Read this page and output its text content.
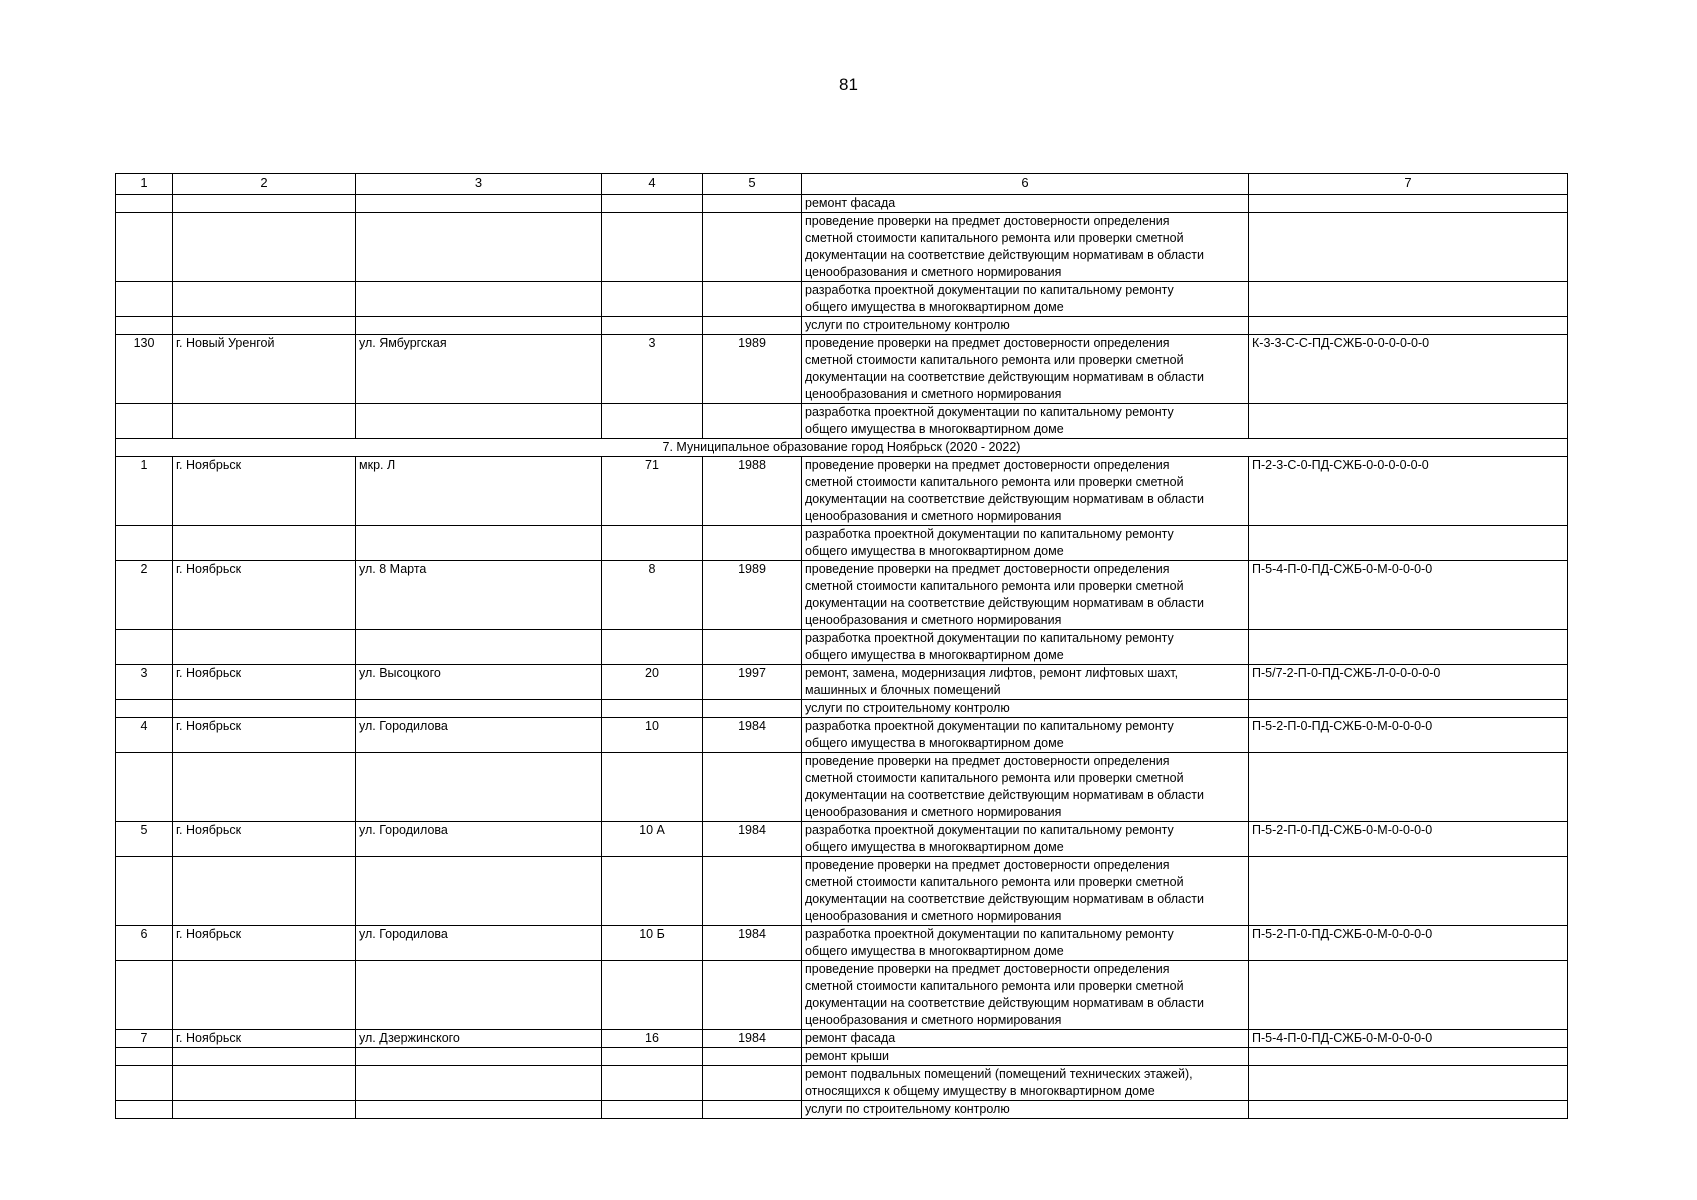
81
1	2	3	4	5	6	7
					ремонт фасада	
					проведение проверки на предмет достоверности определения
сметной стоимости капитального ремонта или проверки сметной
документации на соответствие действующим нормативам в области
ценообразования и сметного нормирования	
					разработка проектной документации по капитальному ремонту
общего имущества в многоквартирном доме	
					услуги по строительному контролю	
130	г. Новый Уренгой	ул. Ямбургская	3	1989	проведение проверки на предмет достоверности определения
сметной стоимости капитального ремонта или проверки сметной
документации на соответствие действующим нормативам в области
ценообразования и сметного нормирования	К-3-3-С-С-ПД-СЖБ-0-0-0-0-0-0
					разработка проектной документации по капитальному ремонту
общего имущества в многоквартирном доме	
7. Муниципальное образование город Ноябрьск (2020 - 2022)						
1	г. Ноябрьск	мкр. Л	71	1988	проведение проверки на предмет достоверности определения
сметной стоимости капитального ремонта или проверки сметной
документации на соответствие действующим нормативам в области
ценообразования и сметного нормирования	П-2-3-С-0-ПД-СЖБ-0-0-0-0-0-0
					разработка проектной документации по капитальному ремонту
общего имущества в многоквартирном доме	
2	г. Ноябрьск	ул. 8 Марта	8	1989	проведение проверки на предмет достоверности определения
сметной стоимости капитального ремонта или проверки сметной
документации на соответствие действующим нормативам в области
ценообразования и сметного нормирования	П-5-4-П-0-ПД-СЖБ-0-М-0-0-0-0
					разработка проектной документации по капитальному ремонту
общего имущества в многоквартирном доме	
3	г. Ноябрьск	ул. Высоцкого	20	1997	ремонт, замена, модернизация лифтов, ремонт лифтовых шахт,
машинных и блочных помещений	П-5/7-2-П-0-ПД-СЖБ-Л-0-0-0-0-0
					услуги по строительному контролю	
4	г. Ноябрьск	ул. Городилова	10	1984	разработка проектной документации по капитальному ремонту
общего имущества в многоквартирном доме	П-5-2-П-0-ПД-СЖБ-0-М-0-0-0-0
					проведение проверки на предмет достоверности определения
сметной стоимости капитального ремонта или проверки сметной
документации на соответствие действующим нормативам в области
ценообразования и сметного нормирования	
5	г. Ноябрьск	ул. Городилова	10 А	1984	разработка проектной документации по капитальному ремонту
общего имущества в многоквартирном доме	П-5-2-П-0-ПД-СЖБ-0-М-0-0-0-0
					проведение проверки на предмет достоверности определения
сметной стоимости капитального ремонта или проверки сметной
документации на соответствие действующим нормативам в области
ценообразования и сметного нормирования	
6	г. Ноябрьск	ул. Городилова	10 Б	1984	разработка проектной документации по капитальному ремонту
общего имущества в многоквартирном доме	П-5-2-П-0-ПД-СЖБ-0-М-0-0-0-0
					проведение проверки на предмет достоверности определения
сметной стоимости капитального ремонта или проверки сметной
документации на соответствие действующим нормативам в области
ценообразования и сметного нормирования	
7	г. Ноябрьск	ул. Дзержинского	16	1984	ремонт фасада	П-5-4-П-0-ПД-СЖБ-0-М-0-0-0-0
					ремонт крыши	
					ремонт подвальных помещений (помещений технических этажей),
относящихся к общему имуществу в многоквартирном доме	
					услуги по строительному контролю	
